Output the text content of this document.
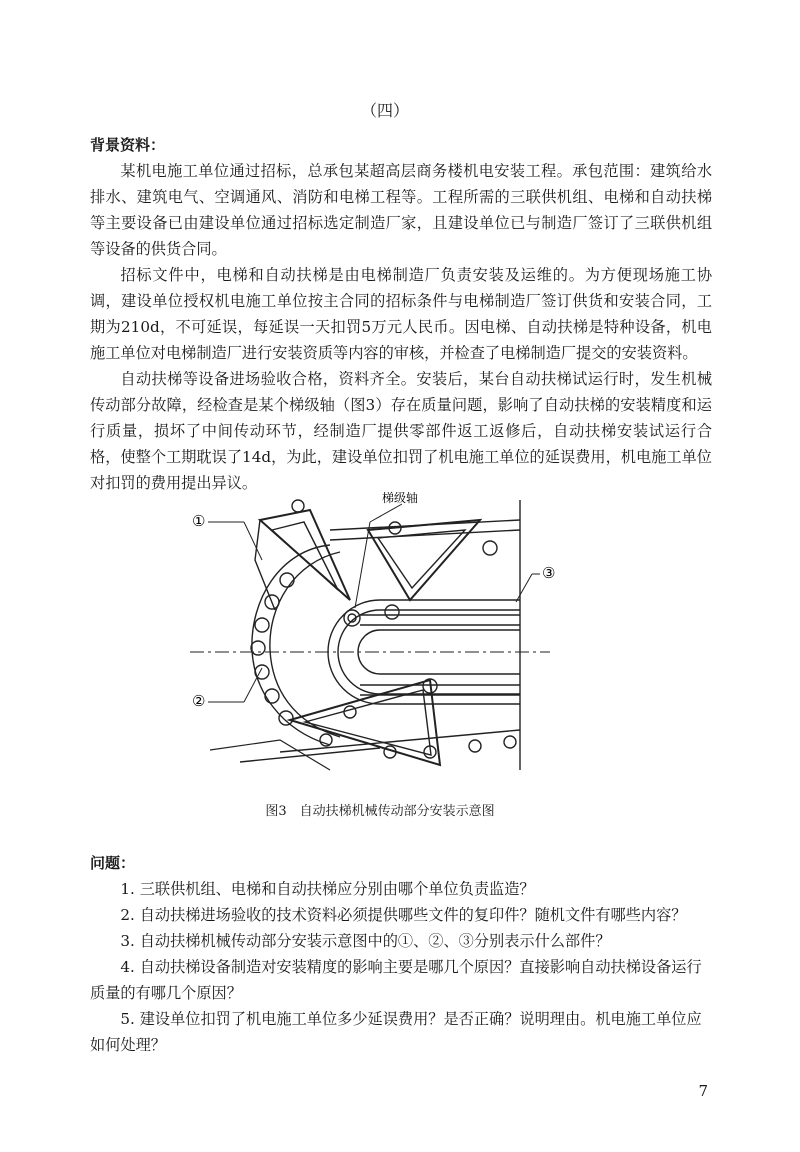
（四）
背景资料：

某机电施工单位通过招标，总承包某超高层商务楼机电安装工程。承包范围：建筑给水排水、建筑电气、空调通风、消防和电梯工程等。工程所需的三联供机组、电梯和自动扶梯等主要设备已由建设单位通过招标选定制造厂家，且建设单位已与制造厂签订了三联供机组等设备的供货合同。

招标文件中，电梯和自动扶梯是由电梯制造厂负责安装及运维的。为方便现场施工协调，建设单位授权机电施工单位按主合同的招标条件与电梯制造厂签订供货和安装合同，工期为210d，不可延误，每延误一天扣罚5万元人民币。因电梯、自动扶梯是特种设备，机电施工单位对电梯制造厂进行安装资质等内容的审核，并检查了电梯制造厂提交的安装资料。

自动扶梯等设备进场验收合格，资料齐全。安装后，某台自动扶梯试运行时，发生机械传动部分故障，经检查是某个梯级轴（图3）存在质量问题，影响了自动扶梯的安装精度和运行质量，损坏了中间传动环节，经制造厂提供零部件返工返修后，自动扶梯安装试运行合格，使整个工期耽误了14d，为此，建设单位扣罚了机电施工单位的延误费用，机电施工单位对扣罚的费用提出异议。

①
②
③
梯级轴
图3　自动扶梯机械传动部分安装示意图
问题：

1. 三联供机组、电梯和自动扶梯应分别由哪个单位负责监造？

2. 自动扶梯进场验收的技术资料必须提供哪些文件的复印件？随机文件有哪些内容？

3. 自动扶梯机械传动部分安装示意图中的①、②、③分别表示什么部件？

4. 自动扶梯设备制造对安装精度的影响主要是哪几个原因？直接影响自动扶梯设备运行质量的有哪几个原因？

5. 建设单位扣罚了机电施工单位多少延误费用？是否正确？说明理由。机电施工单位应如何处理？

7
